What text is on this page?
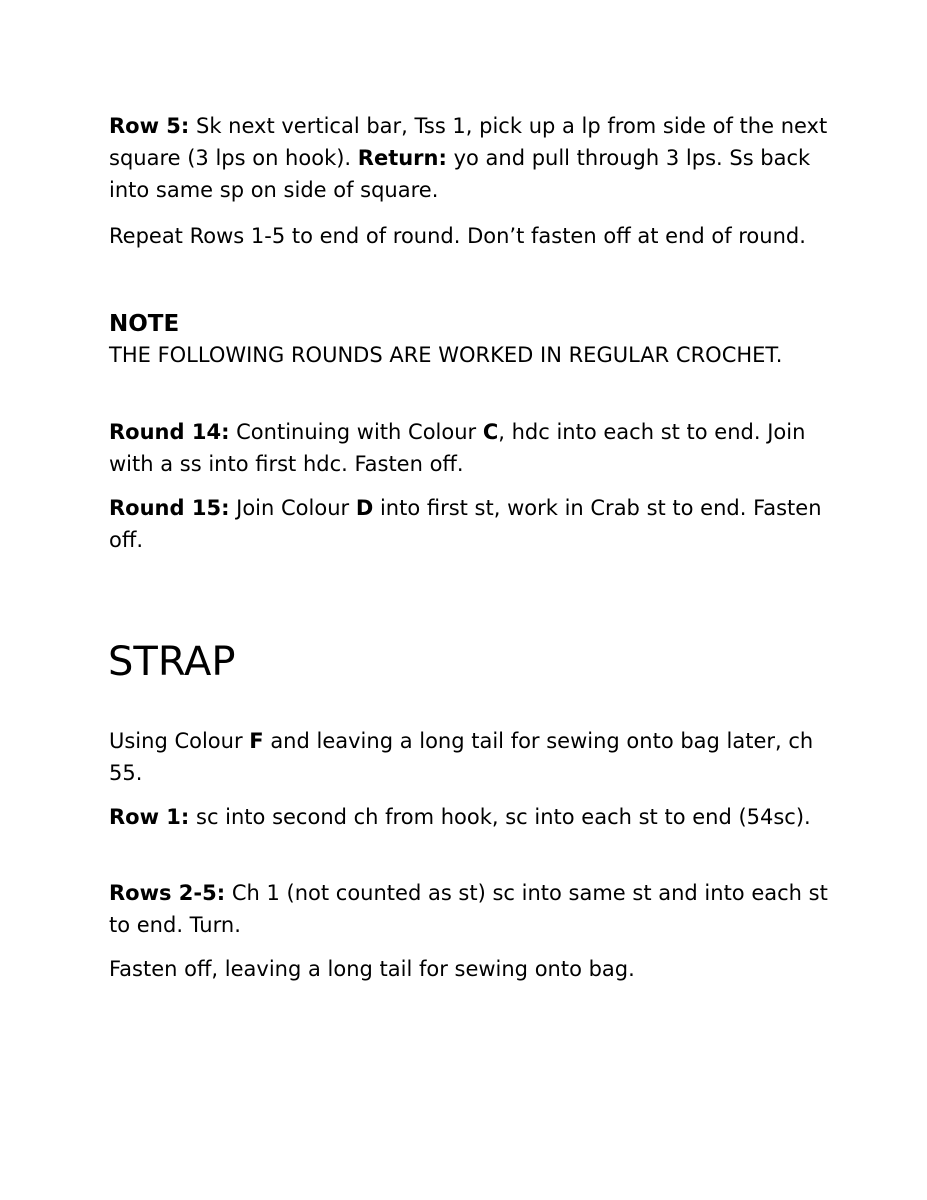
Row 5: Sk next vertical bar, Tss 1, pick up a lp from side of the next square (3 lps on hook). Return: yo and pull through 3 lps. Ss back into same sp on side of square.

Repeat Rows 1-5 to end of round. Don’t fasten off at end of round.

NOTE

THE FOLLOWING ROUNDS ARE WORKED IN REGULAR CROCHET.

Round 14: Continuing with Colour C, hdc into each st to end. Join with a ss into first hdc. Fasten off.

Round 15: Join Colour D into first st, work in Crab st to end. Fasten off.

STRAP

Using Colour F and leaving a long tail for sewing onto bag later, ch 55.

Row 1: sc into second ch from hook, sc into each st to end (54sc).

Rows 2-5: Ch 1 (not counted as st) sc into same st and into each st to end. Turn.

Fasten off, leaving a long tail for sewing onto bag.
